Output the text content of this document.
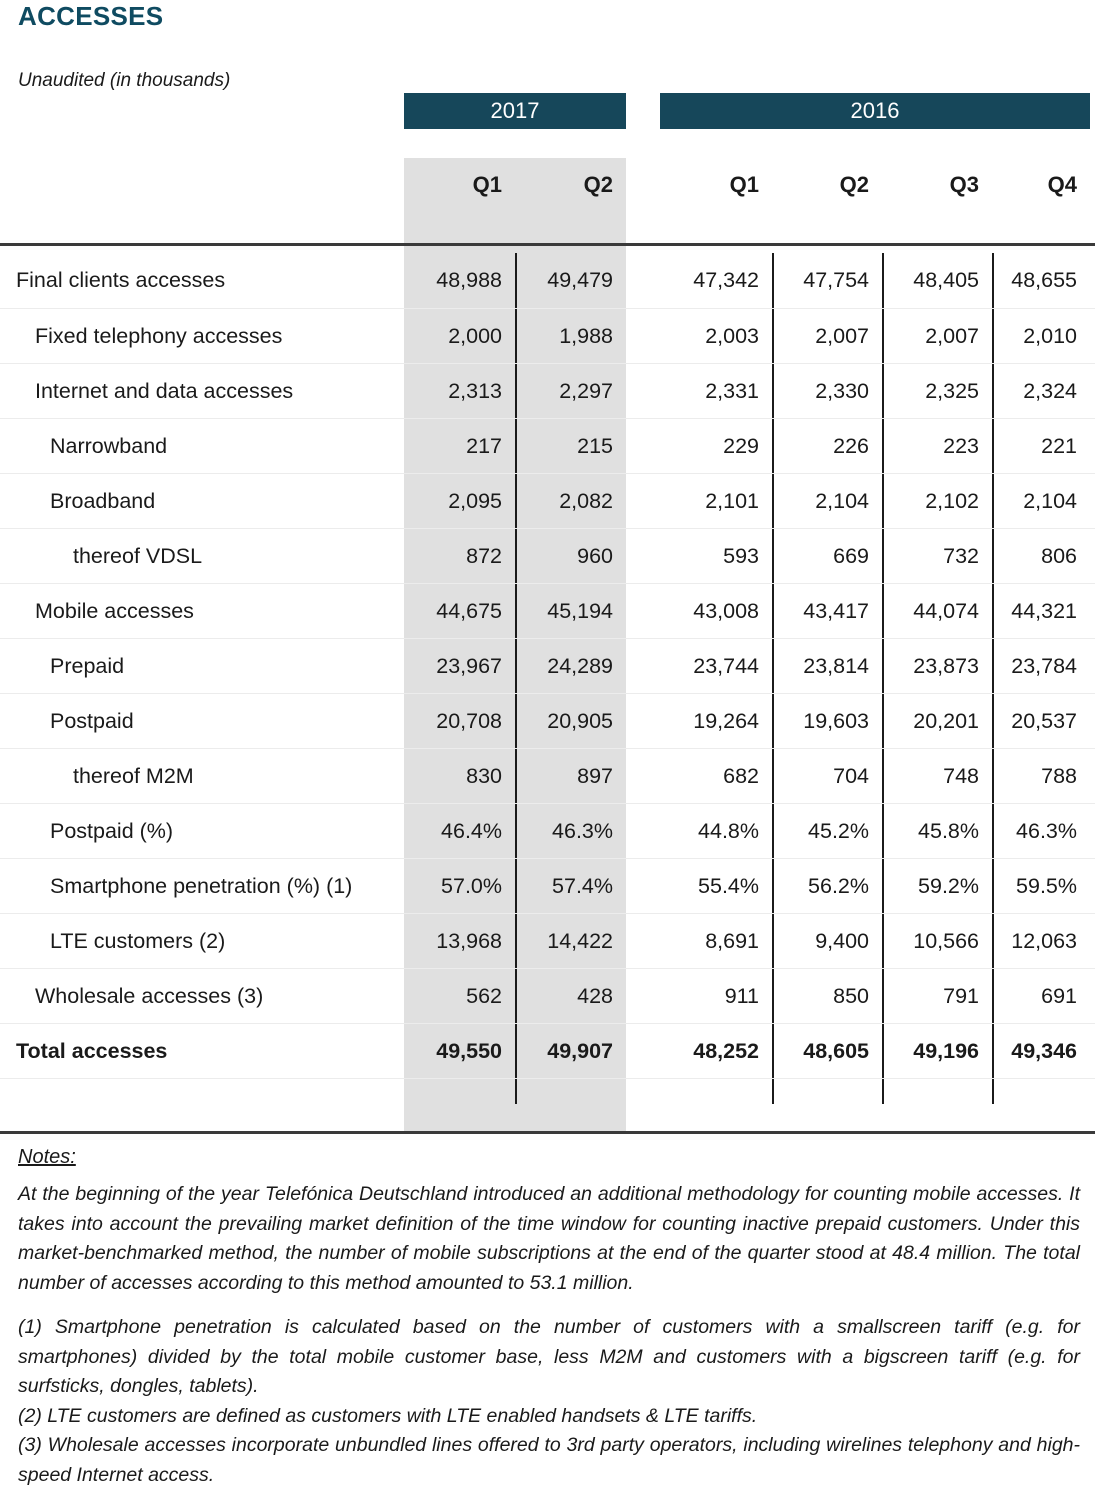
ACCESSES
Unaudited (in thousands)
2017	2016
Q1	Q2	Q1	Q2	Q3	Q4
Final clients accesses	48,988	49,479	47,342	47,754	48,405	48,655
Fixed telephony accesses	2,000	1,988	2,003	2,007	2,007	2,010
Internet and data accesses	2,313	2,297	2,331	2,330	2,325	2,324
Narrowband	217	215	229	226	223	221
Broadband	2,095	2,082	2,101	2,104	2,102	2,104
thereof VDSL	872	960	593	669	732	806
Mobile accesses	44,675	45,194	43,008	43,417	44,074	44,321
Prepaid	23,967	24,289	23,744	23,814	23,873	23,784
Postpaid	20,708	20,905	19,264	19,603	20,201	20,537
thereof M2M	830	897	682	704	748	788
Postpaid (%)	46.4%	46.3%	44.8%	45.2%	45.8%	46.3%
Smartphone penetration (%) (1)	57.0%	57.4%	55.4%	56.2%	59.2%	59.5%
LTE customers (2)	13,968	14,422	8,691	9,400	10,566	12,063
Wholesale accesses (3)	562	428	911	850	791	691
Total accesses	49,550	49,907	48,252	48,605	49,196	49,346
Notes:

At the beginning of the year Telefónica Deutschland introduced an additional methodology for counting mobile accesses. It takes into account the prevailing market definition of the time window for counting inactive prepaid customers. Under this market-benchmarked method, the number of mobile subscriptions at the end of the quarter stood at 48.4 million. The total number of accesses according to this method amounted to 53.1 million.

(1) Smartphone penetration is calculated based on the number of customers with a smallscreen tariff (e.g. for smartphones) divided by the total mobile customer base, less M2M and customers with a bigscreen tariff (e.g. for surfsticks, dongles, tablets).

(2) LTE customers are defined as customers with LTE enabled handsets & LTE tariffs.

(3) Wholesale accesses incorporate unbundled lines offered to 3rd party operators, including wirelines telephony and high-speed Internet access.
